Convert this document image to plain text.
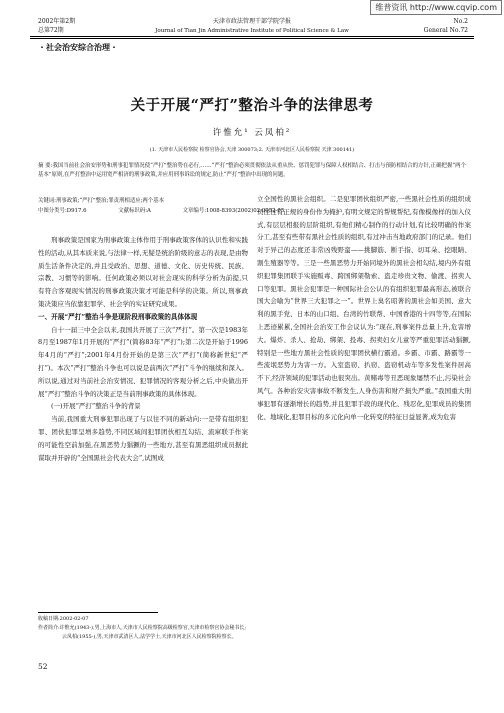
维普资讯 http://www.cqvip.com
2002年第2期
总第72期
天津市政法管理干部学院学报
Journal of Tian Jin Administrative Institute of Political Science & Law
No.2
General No.72
・社会治安综合治理・
关于开展“严打”整治斗争的法律思考
许惟允¹ 云凤柏²
(1. 天津市人民检察院 检察官协会,天津 300073;2. 天津市河北区人民检察院 天津 300141)
摘 要:我国当前社会治安形势和刑事犯罪情况使“严打”整治势在必行,……“严打”整治必须贯彻依法从重从快、惩罚犯罪与保障人权相结合、打击与预防相结合的方针,正确把握“两个基本”原则,在严打整治中运用宽严相济的刑事政策,并应用刑事诉讼的规定,防止“严打”整治中出现的问题。
关键词:刑事政策;“严打”整治;罪责刑相适应;两个基本
中图分类号:D917.6	文献标识码:A	文章编号:1008-8393(2002)02-0052-05

刑事政策是国家为刑事政策主体作用于刑事政策客体的认识性和实践性的活动,从其本质来说,与法律一样,无疑是统治阶级的意志的表现,是由物质生活条件决定的,并且受政治、思想、道德、文化、历史传统、民族、宗教、习惯等的影响。任何政策必须以对社会现实的科学分析为前提,只有符合客观现实情况的刑事政策决策才可能是科学的决策。所以,刑事政策决策应当依靠犯罪学、社会学的实证研究成果。

一、开展“严打”整治斗争是现阶段刑事政策的具体体现

自十一届三中全会以来,我国共开展了三次“严打”。第一次是1983年8月至1987年1月开展的“严打”(简称83年“严打”);第二次是开始于1996年4月的“严打”;2001年4月份开始的是第三次“严打”(简称新世纪“严打”)。本次“严打”整治斗争也可以说是前两次“严打”斗争的继续和深入。所以说,通过对当前社会治安情况、犯罪情况的客观分析之后,中央做出开展“严打”整治斗争的决策正是当前刑事政策的具体体现。

(一)开展“严打”整治斗争的背景

当前,我国重大刑事犯罪出现了与以往不同的新动向:一是带有组织犯罪、团伙犯罪呈增多趋势,不同区域间犯罪团伙相互勾结、流窜联手作案的可能性空前加强,在黑恶势力猖獗的一些地方,甚至有黑恶组织成员据此谋取并开辟的“全国黑社会代表大会”,试图成

立全国性的黑社会组织。二是犯罪团伙组织严密,一些黑社会性质的组织成员往往有正规的身份作为掩护,有明文规定的帮规帮纪,有像模像样的加入仪式,有层层相报的层阶组织,有他们精心制作的行动计划,有比较明确的作案分工,甚至有些带有黑社会性质的组织,有过冲击当地政府部门的记录。他们对于异己的态度还非常凶残野蛮——挑脚筋、断手指、切耳朵、挖眼睛、割生殖器等等。三是一些黑恶势力开始同境外的黑社会相勾结,境内外有组织犯罪集团联手实施贩毒、跨国绑架勒索、盗走珍贵文物、偷渡、拐卖人口等犯罪。黑社会犯罪是一种国际社会公认的有组织犯罪最高形态,被联合国大会喻为“世界三大犯罪之一”。世界上臭名昭著的黑社会如美国、意大利的黑手党、日本的山口组、台湾的竹联帮、中国香港的十四等等,在国际上恶迹累累,全国社会治安工作会议认为:“现在,刑事案件总量上升,危害增大。爆炸、杀人、抢劫、绑架、投毒、拐卖妇女儿童等严重犯罪活动猖獗,特别是一些地方黑社会性质的犯罪团伙横行霸道。乡霸、市霸、路霸等一些流氓恶势力为害一方。入室盗窃、扒窃、盗窃机动车等多发性案件居高不下,经济领域的犯罪活动也很突出。黄赌毒等丑恶现象屡禁不止,污染社会风气。各种治安灾害事故不断发生,人身伤害和财产损失严重。”我国重大刑事犯罪有逐渐增长的趋势,并且犯罪手段的现代化、残忍化,犯罪成员的集团化、地域化,犯罪目标的多元化向单一化转变的特征日益显著,成为危害

收稿日期:2002-02-07
作者简介:许惟允(1943-),男,上海市人,天津市人民检察院高级检察官,天津市检察官协会秘书长;
云凤柏(1955-),男,天津市武清区人,法学学士,天津市河北区人民检察院检察长。
52
